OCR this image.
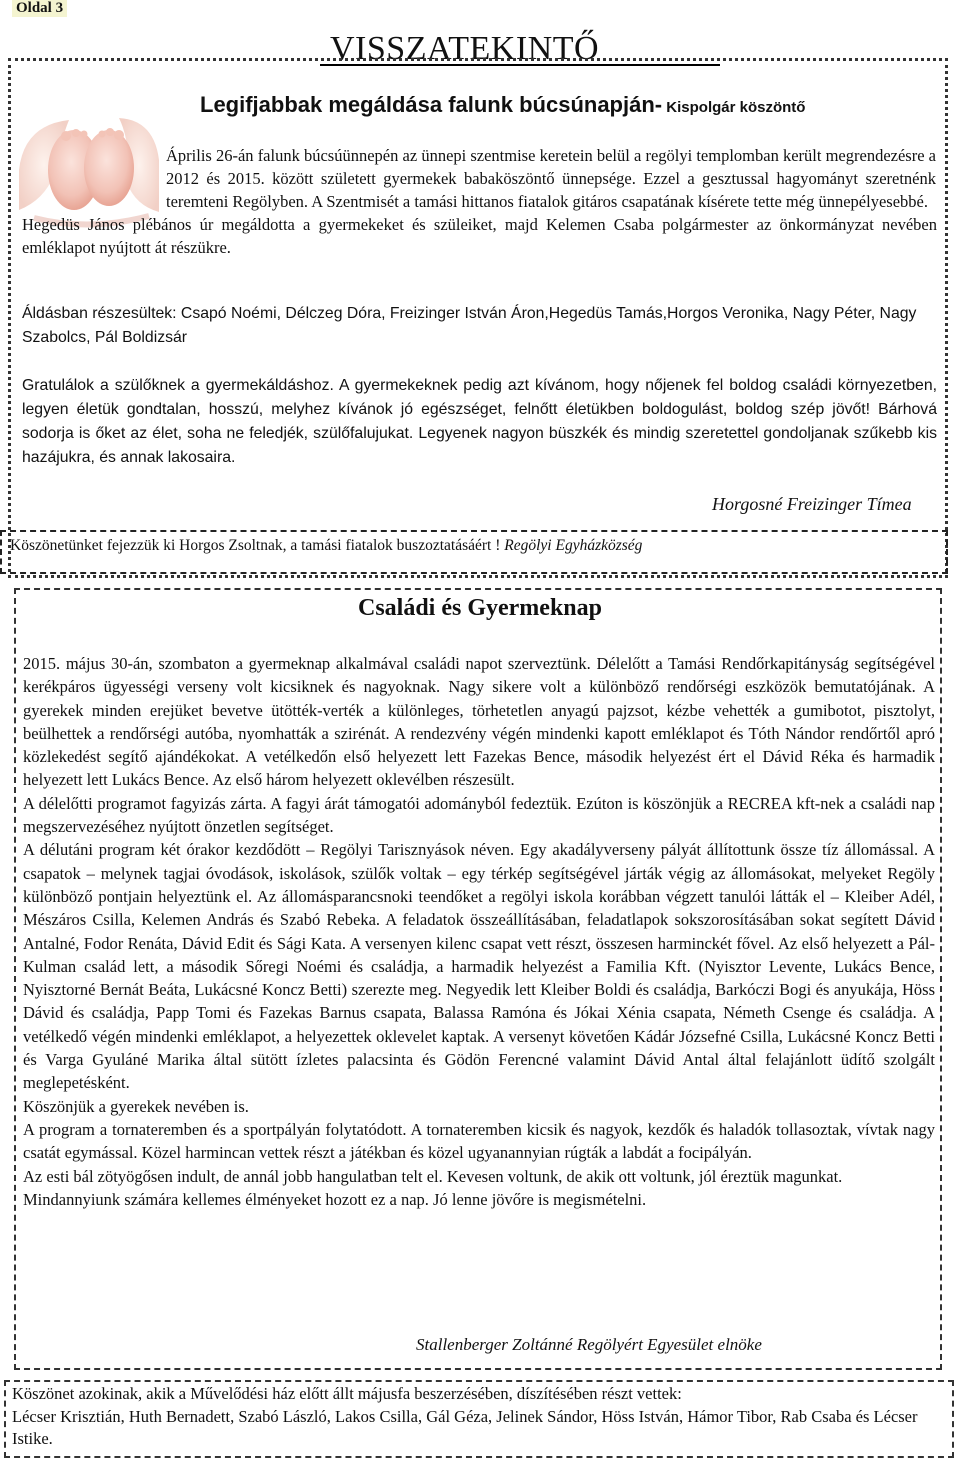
Oldal 3
VISSZATEKINTŐ
Legifjabbak megáldása falunk búcsúnapján- Kispolgár köszöntő
Április 26-án falunk búcsúünnepén az ünnepi szentmise keretein belül a regölyi templomban került megrendezésre a 2012 és 2015. között született gyermekek babaköszöntő ünnepsége. Ezzel a gesztussal hagyományt szeretnénk teremteni Regölyben. A Szentmisét a tamási hittanos fiatalok gitáros csapatának kísérete tette még ünnepélyesebbé.
Hegedüs János plébános úr megáldotta a gyermekeket és szüleiket, majd Kelemen Csaba polgármester az önkormányzat nevében emléklapot nyújtott át részükre.
Áldásban részesültek: Csapó Noémi, Délczeg Dóra, Freizinger István Áron,Hegedüs Tamás,Horgos Veronika, Nagy Péter, Nagy Szabolcs, Pál Boldizsár
Gratulálok a szülőknek a gyermekáldáshoz. A gyermekeknek pedig azt kívánom, hogy nőjenek fel boldog családi környezetben, legyen életük gondtalan, hosszú, melyhez kívánok jó egészséget, felnőtt életükben boldogulást, boldog szép jövőt! Bárhová sodorja is őket az élet, soha ne feledjék, szülőfalujukat. Legyenek nagyon büszkék és mindig szeretettel gondoljanak szűkebb kis hazájukra, és annak lakosaira.
Horgosné Freizinger Tímea
Köszönetünket fejezzük ki Horgos Zsoltnak, a tamási fiatalok buszoztatásáért ! Regölyi Egyházközség
Családi és Gyermeknap

2015. május 30-án, szombaton a gyermeknap alkalmával családi napot szerveztünk. Délelőtt a Tamási Rendőrkapitányság segítségével kerékpáros ügyességi verseny volt kicsiknek és nagyoknak. Nagy sikere volt a különböző rendőrségi eszközök bemutatójának. A gyerekek minden erejüket bevetve ütötték-verték a különleges, törhetetlen anyagú pajzsot, kézbe vehették a gumibotot, pisztolyt, beülhettek a rendőrségi autóba, nyomhatták a szirénát. A rendezvény végén mindenki kapott emléklapot és Tóth Nándor rendőrtől apró közlekedést segítő ajándékokat. A vetélkedőn első helyezett lett Fazekas Bence, második helyezést ért el Dávid Réka és harmadik helyezett lett Lukács Bence. Az első három helyezett oklevélben részesült.

A délelőtti programot fagyizás zárta. A fagyi árát támogatói adományból fedeztük. Ezúton is köszönjük a RECREA kft-nek a családi nap megszervezéséhez nyújtott önzetlen segítséget.

A délutáni program két órakor kezdődött – Regölyi Tarisznyások néven. Egy akadályverseny pályát állítottunk össze tíz állomással. A csapatok – melynek tagjai óvodások, iskolások, szülők voltak – egy térkép segítségével járták végig az állomásokat, melyeket Regöly különböző pontjain helyeztünk el. Az állomásparancsnoki teendőket a regölyi iskola korábban végzett tanulói látták el – Kleiber Adél, Mészáros Csilla, Kelemen András és Szabó Rebeka. A feladatok összeállításában, feladatlapok sokszorosításában sokat segített Dávid Antalné, Fodor Renáta, Dávid Edit és Sági Kata. A versenyen kilenc csapat vett részt, összesen harminckét fővel. Az első helyezett a Pál-Kulman család lett, a második Sőregi Noémi és családja, a harmadik helyezést a Familia Kft. (Nyisztor Levente, Lukács Bence, Nyisztorné Bernát Beáta, Lukácsné Koncz Betti) szerezte meg. Negyedik lett Kleiber Boldi és családja, Barkóczi Bogi és anyukája, Höss Dávid és családja, Papp Tomi és Fazekas Barnus csapata, Balassa Ramóna és Jókai Xénia csapata, Németh Csenge és családja. A vetélkedő végén mindenki emléklapot, a helyezettek oklevelet kaptak. A versenyt követően Kádár Józsefné Csilla, Lukácsné Koncz Betti és Varga Gyuláné Marika által sütött ízletes palacsinta és Gödön Ferencné valamint Dávid Antal által felajánlott üdítő szolgált meglepetésként.

Köszönjük a gyerekek nevében is.

A program a tornateremben és a sportpályán folytatódott. A tornateremben kicsik és nagyok, kezdők és haladók tollasoztak, vívtak nagy csatát egymással. Közel harmincan vettek részt a játékban és közel ugyanannyian rúgták a labdát a focipályán.

Az esti bál zötyögősen indult, de annál jobb hangulatban telt el. Kevesen voltunk, de akik ott voltunk, jól éreztük magunkat.

Mindannyiunk számára kellemes élményeket hozott ez a nap. Jó lenne jövőre is megismételni.

Stallenberger Zoltánné Regölyért Egyesület elnöke

Köszönet azokinak, akik a Művelődési ház előtt állt májusfa beszerzésében, díszítésében részt vettek:

Lécser Krisztián, Huth Bernadett, Szabó László, Lakos Csilla, Gál Géza, Jelinek Sándor, Höss István, Hámor Tibor, Rab Csaba és Lécser Istike.
